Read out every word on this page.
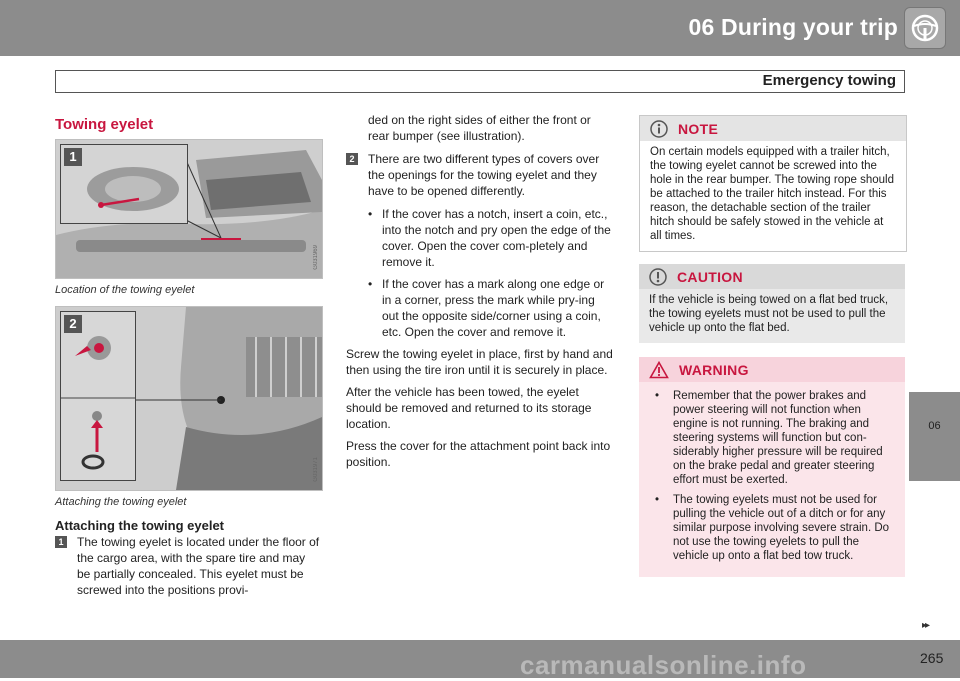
06 During your trip
Emergency towing
Towing eyelet
1
G031969
Location of the towing eyelet
2
G031971
Attaching the towing eyelet
Attaching the towing eyelet
1 The towing eyelet is located under the floor of the cargo area, with the spare tire and may be partially concealed. This eyelet must be screwed into the positions provi-
ded on the right sides of either the front or rear bumper (see illustration).
2 There are two different types of covers over the openings for the towing eyelet and they have to be opened differently.
• If the cover has a notch, insert a coin, etc., into the notch and pry open the edge of the cover. Open the cover com-pletely and remove it.
• If the cover has a mark along one edge or in a corner, press the mark while pry-ing out the opposite side/corner using a coin, etc. Open the cover and remove it.

Screw the towing eyelet in place, first by hand and then using the tire iron until it is securely in place.

After the vehicle has been towed, the eyelet should be removed and returned to its storage location.

Press the cover for the attachment point back into position.

NOTE
On certain models equipped with a trailer hitch, the towing eyelet cannot be screwed into the hole in the rear bumper. The towing rope should be attached to the trailer hitch instead. For this reason, the detachable section of the trailer hitch should be safely stowed in the vehicle at all times.
CAUTION
If the vehicle is being towed on a flat bed truck, the towing eyelets must not be used to pull the vehicle up onto the flat bed.
WARNING
• Remember that the power brakes and power steering will not function when engine is not running. The braking and steering systems will function but con-siderably higher pressure will be required on the brake pedal and greater steering effort must be exerted.
• The towing eyelets must not be used for pulling the vehicle out of a ditch or for any similar purpose involving severe strain. Do not use the towing eyelets to pull the vehicle up onto a flat bed tow truck.
06
▸▸
carmanualsonline.info	265
